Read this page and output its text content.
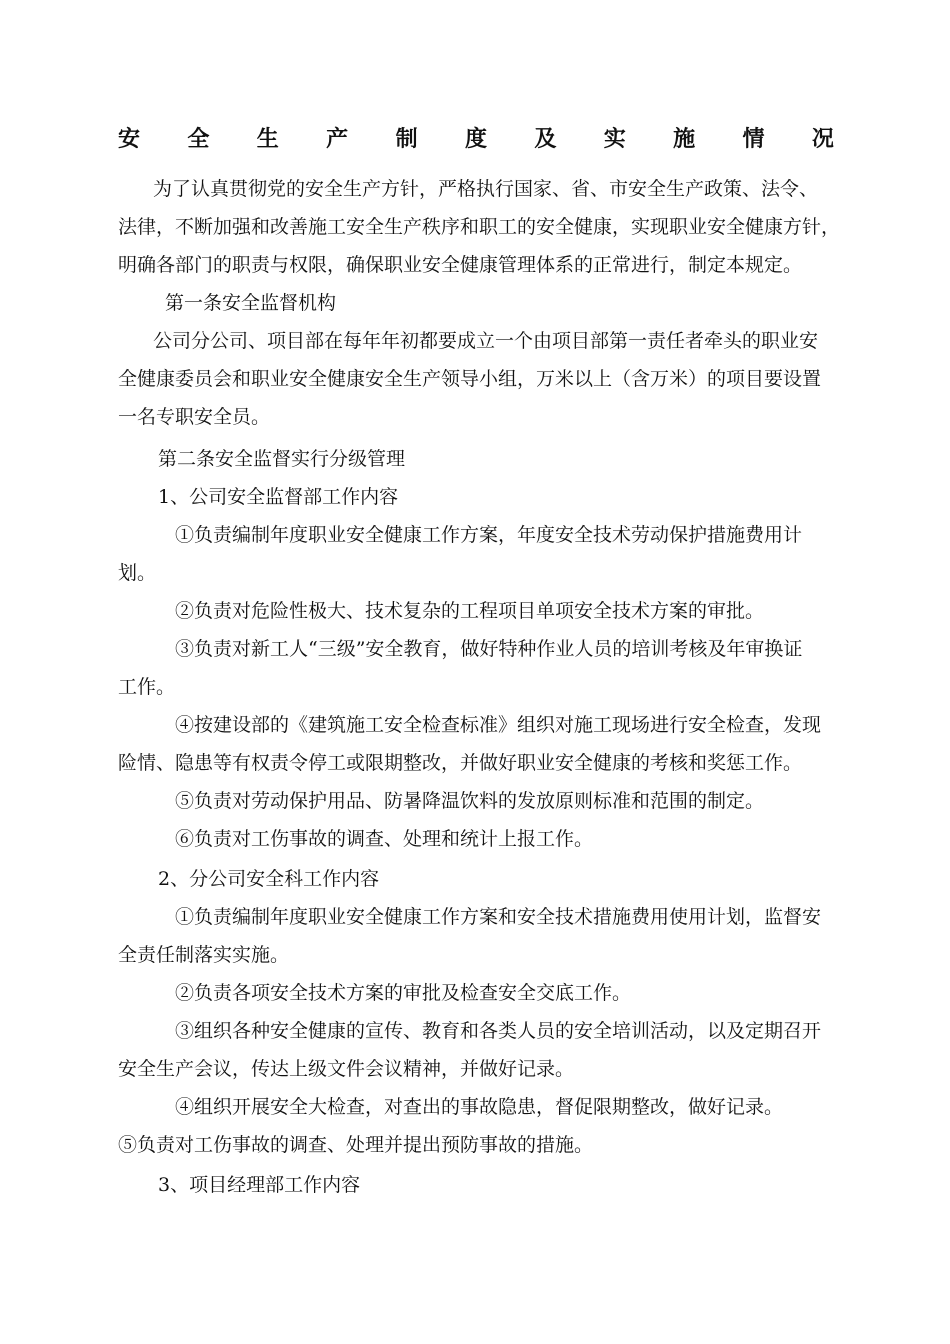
安 全 生 产 制 度 及 实 施 情 况
为了认真贯彻党的安全生产方针，严格执行国家、省、市安全生产政策、法令、
法律，不断加强和改善施工安全生产秩序和职工的安全健康，实现职业安全健康方针，
明确各部门的职责与权限，确保职业安全健康管理体系的正常进行，制定本规定。
第一条安全监督机构
公司分公司、项目部在每年年初都要成立一个由项目部第一责任者牵头的职业安
全健康委员会和职业安全健康安全生产领导小组，万米以上（含万米）的项目要设置
一名专职安全员。
第二条安全监督实行分级管理
1、公司安全监督部工作内容
①负责编制年度职业安全健康工作方案，年度安全技术劳动保护措施费用计
划。
②负责对危险性极大、技术复杂的工程项目单项安全技术方案的审批。
③负责对新工人“三级”安全教育，做好特种作业人员的培训考核及年审换证
工作。
④按建设部的《建筑施工安全检查标准》组织对施工现场进行安全检查，发现
险情、隐患等有权责令停工或限期整改，并做好职业安全健康的考核和奖惩工作。
⑤负责对劳动保护用品、防暑降温饮料的发放原则标准和范围的制定。
⑥负责对工伤事故的调查、处理和统计上报工作。
2、分公司安全科工作内容
①负责编制年度职业安全健康工作方案和安全技术措施费用使用计划，监督安
全责任制落实实施。
②负责各项安全技术方案的审批及检查安全交底工作。
③组织各种安全健康的宣传、教育和各类人员的安全培训活动，以及定期召开
安全生产会议，传达上级文件会议精神，并做好记录。
④组织开展安全大检查，对查出的事故隐患，督促限期整改，做好记录。
⑤负责对工伤事故的调查、处理并提出预防事故的措施。
3、项目经理部工作内容
